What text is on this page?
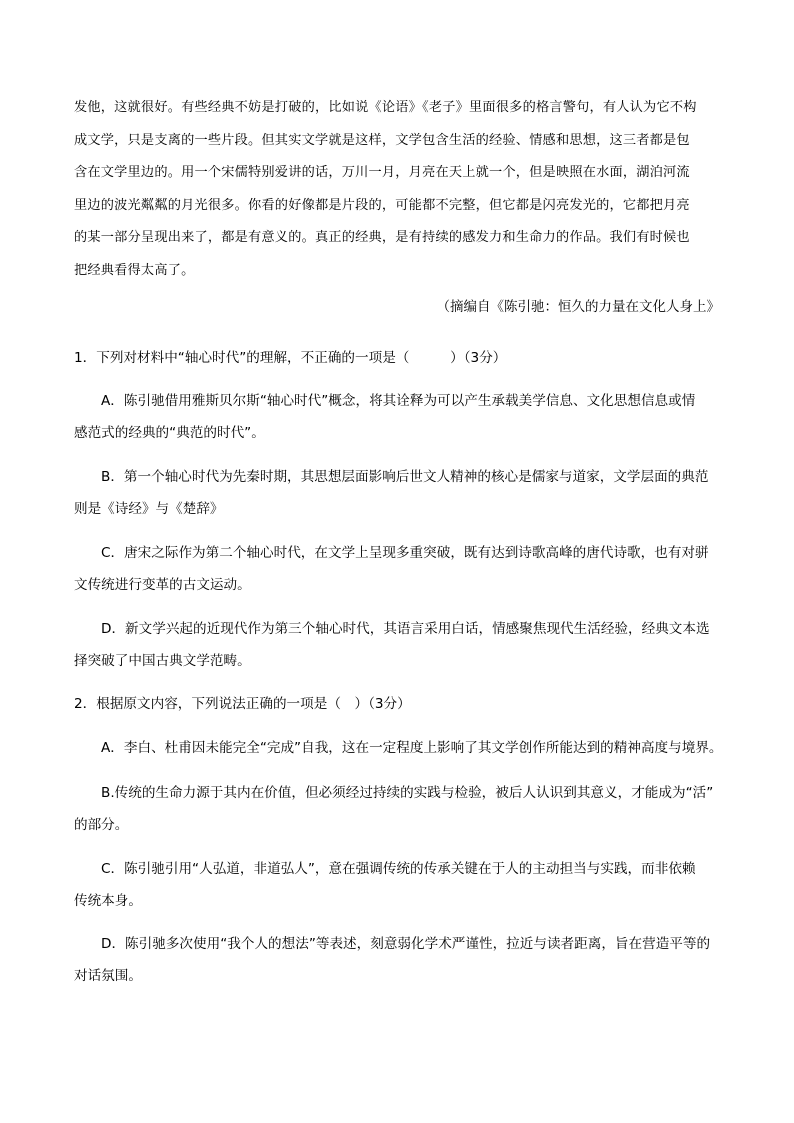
发他，这就很好。有些经典不妨是打破的，比如说《论语》《老子》里面很多的格言警句，有人认为它不构

成文学，只是支离的一些片段。但其实文学就是这样，文学包含生活的经验、情感和思想，这三者都是包

含在文学里边的。用一个宋儒特别爱讲的话，万川一月，月亮在天上就一个，但是映照在水面，湖泊河流

里边的波光粼粼的月光很多。你看的好像都是片段的，可能都不完整，但它都是闪亮发光的，它都把月亮

的某一部分呈现出来了，都是有意义的。真正的经典，是有持续的感发力和生命力的作品。我们有时候也

把经典看得太高了。

（摘编自《陈引驰：恒久的力量在文化人身上》
1．下列对材料中“轴心时代”的理解，不正确的一项是（　　　）（3分）
A．陈引驰借用雅斯贝尔斯“轴心时代”概念，将其诠释为可以产生承载美学信息、文化思想信息或情
感范式的经典的“典范的时代”。
B．第一个轴心时代为先秦时期，其思想层面影响后世文人精神的核心是儒家与道家，文学层面的典范
则是《诗经》与《楚辞》
C．唐宋之际作为第二个轴心时代，在文学上呈现多重突破，既有达到诗歌高峰的唐代诗歌，也有对骈
文传统进行变革的古文运动。
D．新文学兴起的近现代作为第三个轴心时代，其语言采用白话，情感聚焦现代生活经验，经典文本选
择突破了中国古典文学范畴。
2．根据原文内容，下列说法正确的一项是（　）（3分）
A．李白、杜甫因未能完全“完成”自我，这在一定程度上影响了其文学创作所能达到的精神高度与境界。
B.传统的生命力源于其内在价值，但必须经过持续的实践与检验，被后人认识到其意义，才能成为“活”
的部分。
C．陈引驰引用“人弘道，非道弘人”，意在强调传统的传承关键在于人的主动担当与实践，而非依赖
传统本身。
D．陈引驰多次使用“我个人的想法”等表述，刻意弱化学术严谨性，拉近与读者距离，旨在营造平等的
对话氛围。
